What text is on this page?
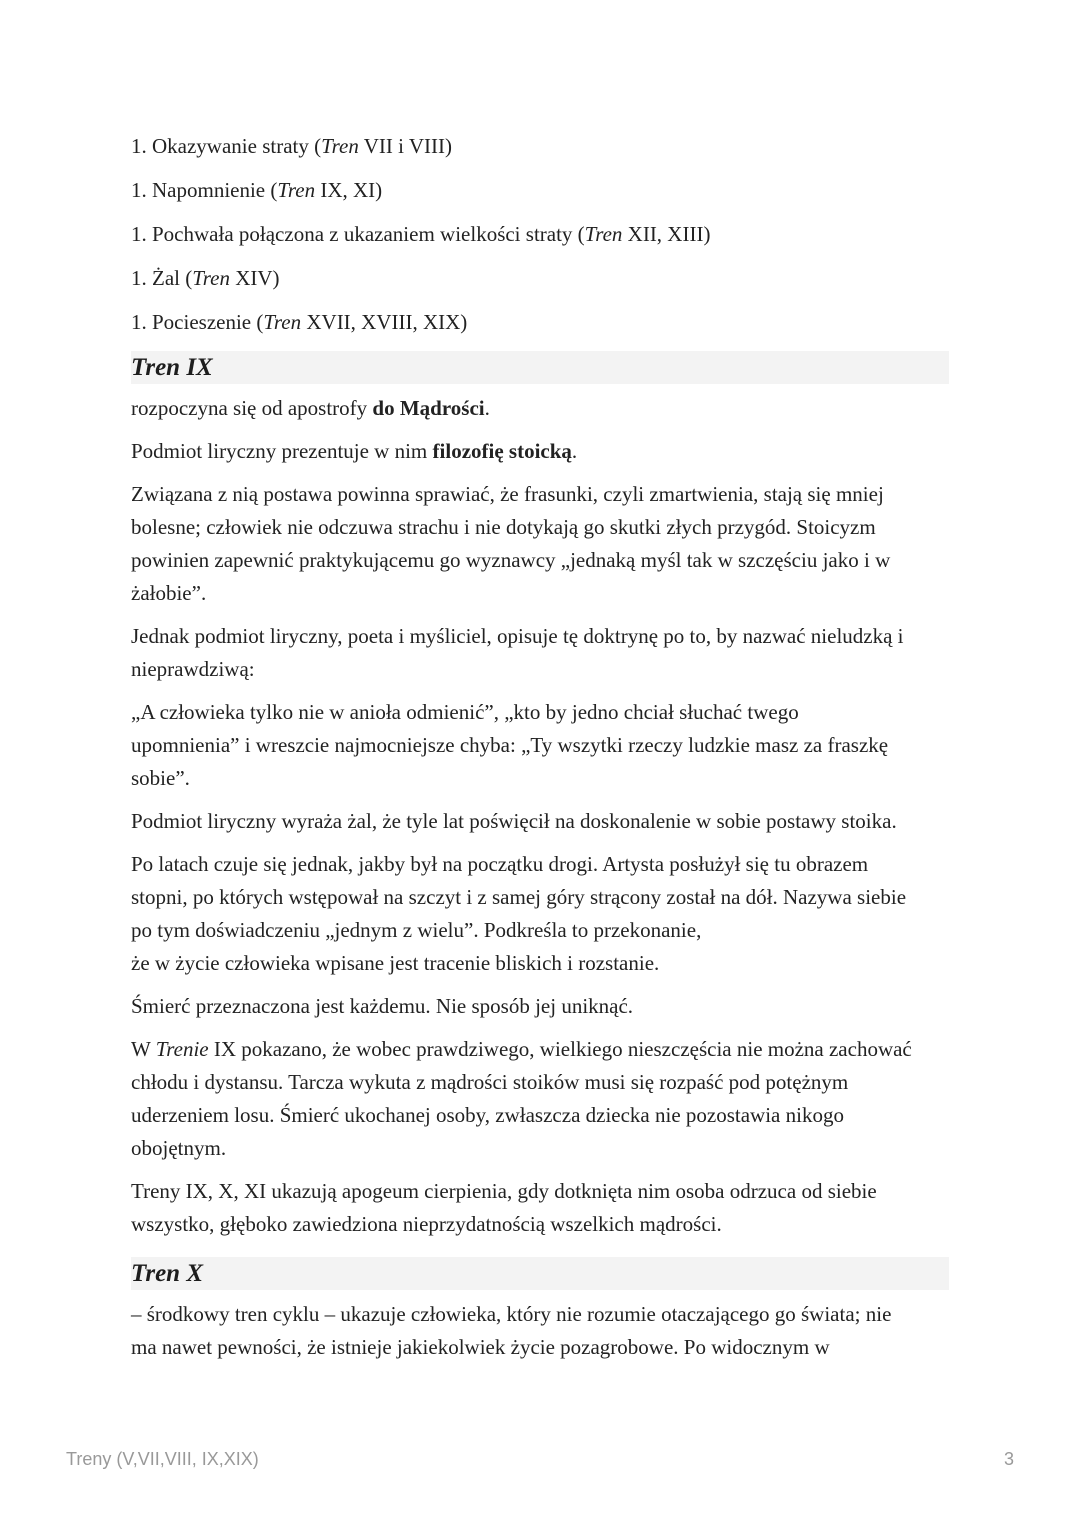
1. Okazywanie straty (Tren VII i VIII)

1. Napomnienie (Tren IX, XI)

1. Pochwała połączona z ukazaniem wielkości straty (Tren XII, XIII)

1. Żal (Tren XIV)

1. Pocieszenie (Tren XVII, XVIII, XIX)

Tren IX

rozpoczyna się od apostrofy do Mądrości.

Podmiot liryczny prezentuje w nim filozofię stoicką.

Związana z nią postawa powinna sprawiać, że frasunki, czyli zmartwienia, stają się mniej
bolesne; człowiek nie odczuwa strachu i nie dotykają go skutki złych przygód. Stoicyzm
powinien zapewnić praktykującemu go wyznawcy „jednaką myśl tak w szczęściu jako i w
żałobie”.

Jednak podmiot liryczny, poeta i myśliciel, opisuje tę doktrynę po to, by nazwać nieludzką i
nieprawdziwą:

„A człowieka tylko nie w anioła odmienić”, „kto by jedno chciał słuchać twego
upomnienia” i wreszcie najmocniejsze chyba: „Ty wszytki rzeczy ludzkie masz za fraszkę
sobie”.

Podmiot liryczny wyraża żal, że tyle lat poświęcił na doskonalenie w sobie postawy stoika.

Po latach czuje się jednak, jakby był na początku drogi. Artysta posłużył się tu obrazem
stopni, po których wstępował na szczyt i z samej góry strącony został na dół. Nazywa siebie
po tym doświadczeniu „jednym z wielu”. Podkreśla to przekonanie,
że w życie człowieka wpisane jest tracenie bliskich i rozstanie.

Śmierć przeznaczona jest każdemu. Nie sposób jej uniknąć.

W Trenie IX pokazano, że wobec prawdziwego, wielkiego nieszczęścia nie można zachować
chłodu i dystansu. Tarcza wykuta z mądrości stoików musi się rozpaść pod potężnym
uderzeniem losu. Śmierć ukochanej osoby, zwłaszcza dziecka nie pozostawia nikogo
obojętnym.

Treny IX, X, XI ukazują apogeum cierpienia, gdy dotknięta nim osoba odrzuca od siebie
wszystko, głęboko zawiedziona nieprzydatnością wszelkich mądrości.

Tren X

– środkowy tren cyklu – ukazuje człowieka, który nie rozumie otaczającego go świata; nie
ma nawet pewności, że istnieje jakiekolwiek życie pozagrobowe. Po widocznym w

Treny (V,VII,VIII, IX,XIX)	3
